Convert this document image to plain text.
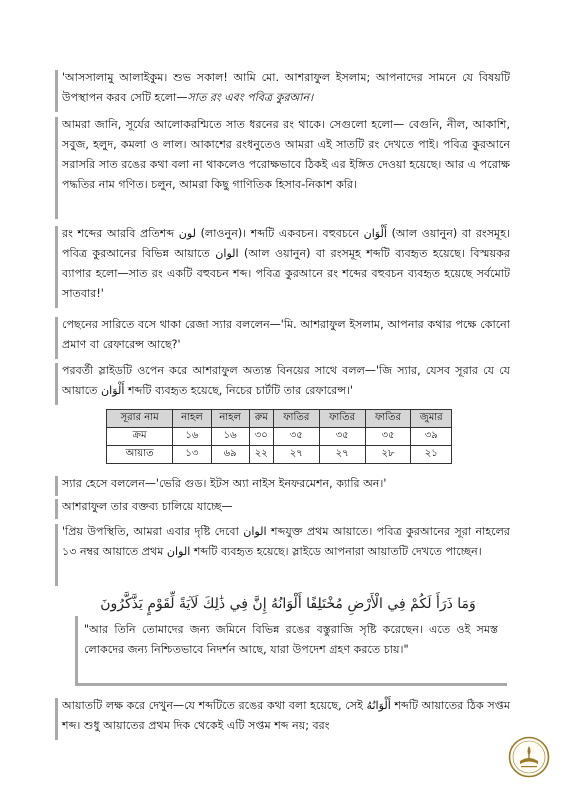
'আসসালামু আলাইকুম। শুভ সকাল! আমি মো. আশরাফুল ইসলাম; আপনাদের সামনে যে বিষয়টি উপস্থাপন করব সেটি হলো—সাত রং এবং পবিত্র কুরআন।

আমরা জানি, সূর্যের আলোকরশ্মিতে সাত ধরনের রং থাকে। সেগুলো হলো— বেগুনি, নীল, আকাশি, সবুজ, হলুদ, কমলা ও লাল। আকাশের রংধনুতেও আমরা এই সাতটি রং দেখতে পাই। পবিত্র কুরআনে সরাসরি সাত রঙের কথা বলা না থাকলেও পরোক্ষভাবে ঠিকই এর ইঙ্গিত দেওয়া হয়েছে। আর এ পরোক্ষ পদ্ধতির নাম গণিত। চলুন, আমরা কিছু গাণিতিক হিসাব-নিকাশ করি।

রং শব্দের আরবি প্রতিশব্দ لون (লাওনুন)। শব্দটি একবচন। বহুবচনে أَلْوَان (আল ওয়ানুন) বা রংসমূহ। পবিত্র কুরআনের বিভিন্ন আয়াতে الوان (আল ওয়ানুন) বা রংসমূহ শব্দটি ব্যবহৃত হয়েছে। বিস্ময়কর ব্যাপার হলো—সাত রং একটি বহুবচন শব্দ। পবিত্র কুরআনে রং শব্দের বহুবচন ব্যবহৃত হয়েছে সর্বমোট সাতবার!'

পেছনের সারিতে বসে থাকা রেজা স্যার বললেন—'মি. আশরাফুল ইসলাম, আপনার কথার পক্ষে কোনো প্রমাণ বা রেফারেন্স আছে?'

পরবর্তী স্লাইডটি ওপেন করে আশরাফুল অত্যন্ত বিনয়ের সাথে বলল—'জি স্যার, যেসব সূরার যে যে আয়াতে أَلْوَان শব্দটি ব্যবহৃত হয়েছে, নিচের চার্টটি তার রেফারেন্স।'

সূরার নাম	নাহল	নাহল	রুম	ফাতির	ফাতির	ফাতির	জুমার
ক্রম	১৬	১৬	৩০	৩৫	৩৫	৩৫	৩৯
আয়াত	১৩	৬৯	২২	২৭	২৭	২৮	২১

স্যার হেসে বললেন—'ভেরি গুড। ইটস অ্যা নাইস ইনফরমেশন, ক্যারি অন।'

আশরাফুল তার বক্তব্য চালিয়ে যাচ্ছে—

'প্রিয় উপস্থিতি, আমরা এবার দৃষ্টি দেবো الوان শব্দযুক্ত প্রথম আয়াতে। পবিত্র কুরআনের সূরা নাহলের ১৩ নম্বর আয়াতে প্রথম الوان শব্দটি ব্যবহৃত হয়েছে। স্লাইডে আপনারা আয়াতটি দেখতে পাচ্ছেন।

وَمَا ذَرَأَ لَكُمْ فِي الْأَرْضِ مُخْتَلِفًا أَلْوَانُهُ إِنَّ فِي ذَٰلِكَ لَآيَةً لِّقَوْمٍ يَذَّكَّرُونَ
"আর তিনি তোমাদের জন্য জমিনে বিভিন্ন রঙের বস্তুরাজি সৃষ্টি করেছেন। এতে ওই সমস্ত লোকদের জন্য নিশ্চিতভাবে নিদর্শন আছে, যারা উপদেশ গ্রহণ করতে চায়।"

আয়াতটি লক্ষ করে দেখুন—যে শব্দটিতে রঙের কথা বলা হয়েছে, সেই أَلْوَانُهُ শব্দটি আয়াতের ঠিক সপ্তম শব্দ। শুধু আয়াতের প্রথম দিক থেকেই এটি সপ্তম শব্দ নয়; বরং
